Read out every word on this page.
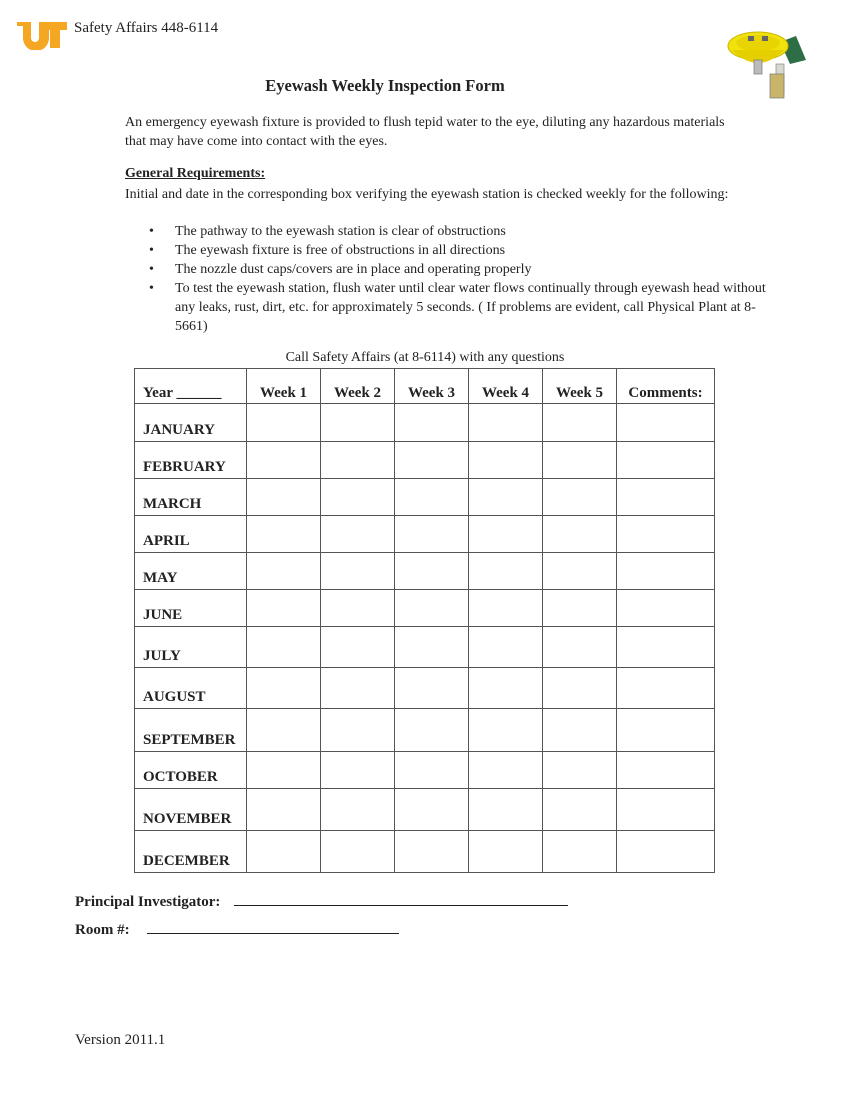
Safety Affairs 448-6114
Eyewash Weekly Inspection Form
An emergency eyewash fixture is provided to flush tepid water to the eye, diluting any hazardous materials that may have come into contact with the eyes.
General Requirements:
Initial and date in the corresponding box verifying the eyewash station is checked weekly for the following:
• The pathway to the eyewash station is clear of obstructions
• The eyewash fixture is free of obstructions in all directions
• The nozzle dust caps/covers are in place and operating properly
• To test the eyewash station, flush water until clear water flows continually through eyewash head without any leaks, rust, dirt, etc. for approximately 5 seconds. ( If problems are evident, call Physical Plant at 8-5661)
Call Safety Affairs (at 8-6114) with any questions
Year ______	Week 1	Week 2	Week 3	Week 4	Week 5	Comments:
JANUARY						
FEBRUARY						
MARCH						
APRIL						
MAY						
JUNE						
JULY						
AUGUST						
SEPTEMBER						
OCTOBER						
NOVEMBER						
DECEMBER						
Principal Investigator:
Room #:
Version 2011.1
